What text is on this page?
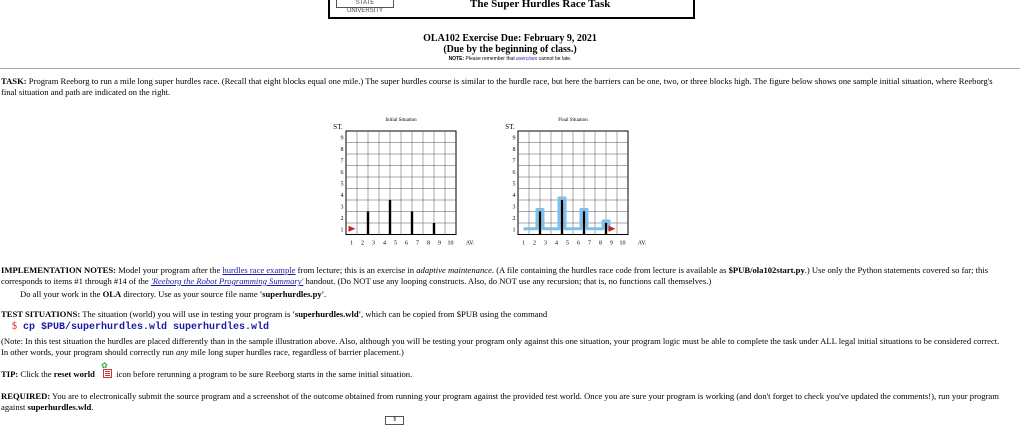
STATE UNIVERSITY
The Super Hurdles Race Task
OLA102 Exercise Due: February 9, 2021
(Due by the beginning of class.)
NOTE: Please remember that exercises cannot be late.
TASK: Program Reeborg to run a mile long super hurdles race. (Recall that eight blocks equal one mile.) The super hurdles course is similar to the hurdle race, but here the barriers can be one, two, or three blocks high. The figure below shows one sample initial situation, where Reeborg's final situation and path are indicated on the right.
Initial Situation
ST.
1
2
3
4
5
6
7
8
9
1 2 3 4 5 6 7 8 9 10 AV.
Final Situation
ST.
1
2
3
4
5
6
7
8
9
1 2 3 4 5 6 7 8 9 10 AV.
IMPLEMENTATION NOTES: Model your program after the hurdles race example from lecture; this is an exercise in adaptive maintenance. (A file containing the hurdles race code from lecture is available as $PUB/ola102start.py.) Use only the Python statements covered so far; this corresponds to items #1 through #14 of the 'Reeborg the Robot Programming Summary' handout. (Do NOT use any looping constructs. Also, do NOT use any recursion; that is, no functions call themselves.)
Do all your work in the OLA directory. Use as your source file name 'superhurdles.py'.
TEST SITUATIONS: The situation (world) you will use in testing your program is 'superhurdles.wld', which can be copied from $PUB using the command
$ cp $PUB/superhurdles.wld superhurdles.wld
(Note: In this test situation the hurdles are placed differently than in the sample illustration above. Also, although you will be testing your program only against this one situation, your program logic must be able to complete the task under ALL legal initial situations to be considered correct. In other words, your program should correctly run any mile long super hurdles race, regardless of barrier placement.)
TIP: Click the reset world
✿
icon before rerunning a program to be sure Reeborg starts in the same initial situation.
REQUIRED: You are to electronically submit the source program and a screenshot of the outcome obtained from running your program against the provided test world. Once you are sure your program is working (and don't forget to check you've updated the comments!), run your program against superhurdles.wld.
⇑
